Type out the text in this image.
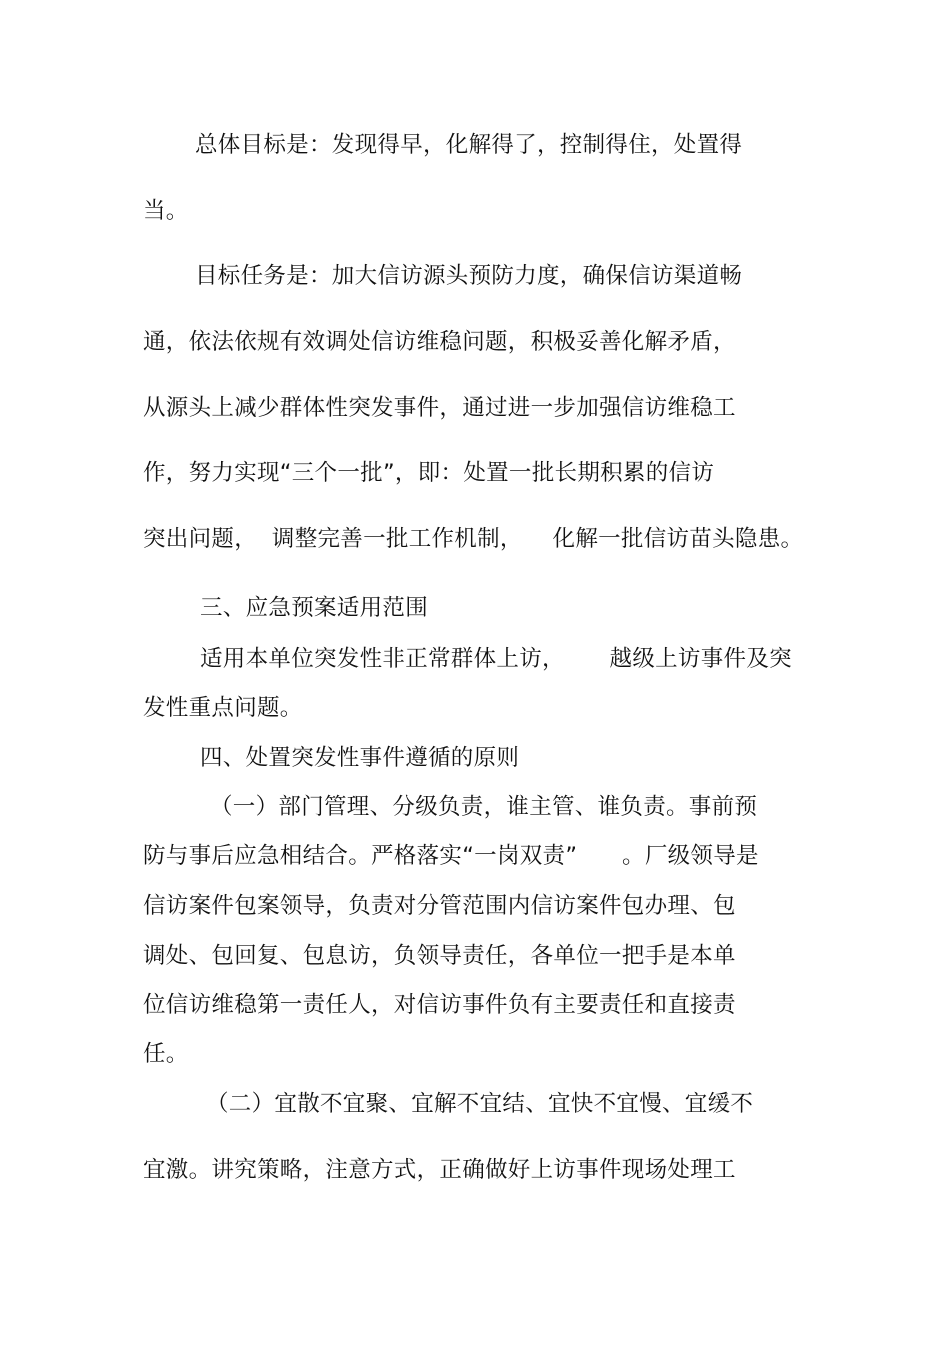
总体目标是：发现得早，化解得了，控制得住，处置得
当。
目标任务是：加大信访源头预防力度，确保信访渠道畅
通，依法依规有效调处信访维稳问题，积极妥善化解矛盾，
从源头上减少群体性突发事件，通过进一步加强信访维稳工
作，努力实现“三个一批”，即：处置一批长期积累的信访
突出问题，  调整完善一批工作机制，    化解一批信访苗头隐患。
三、应急预案适用范围
适用本单位突发性非正常群体上访，      越级上访事件及突
发性重点问题。
四、处置突发性事件遵循的原则
（一）部门管理、分级负责，谁主管、谁负责。事前预
防与事后应急相结合。严格落实“一岗双责”      。厂级领导是
信访案件包案领导，负责对分管范围内信访案件包办理、包
调处、包回复、包息访，负领导责任，各单位一把手是本单
位信访维稳第一责任人，对信访事件负有主要责任和直接责
任。
（二）宜散不宜聚、宜解不宜结、宜快不宜慢、宜缓不
宜激。讲究策略，注意方式，正确做好上访事件现场处理工
